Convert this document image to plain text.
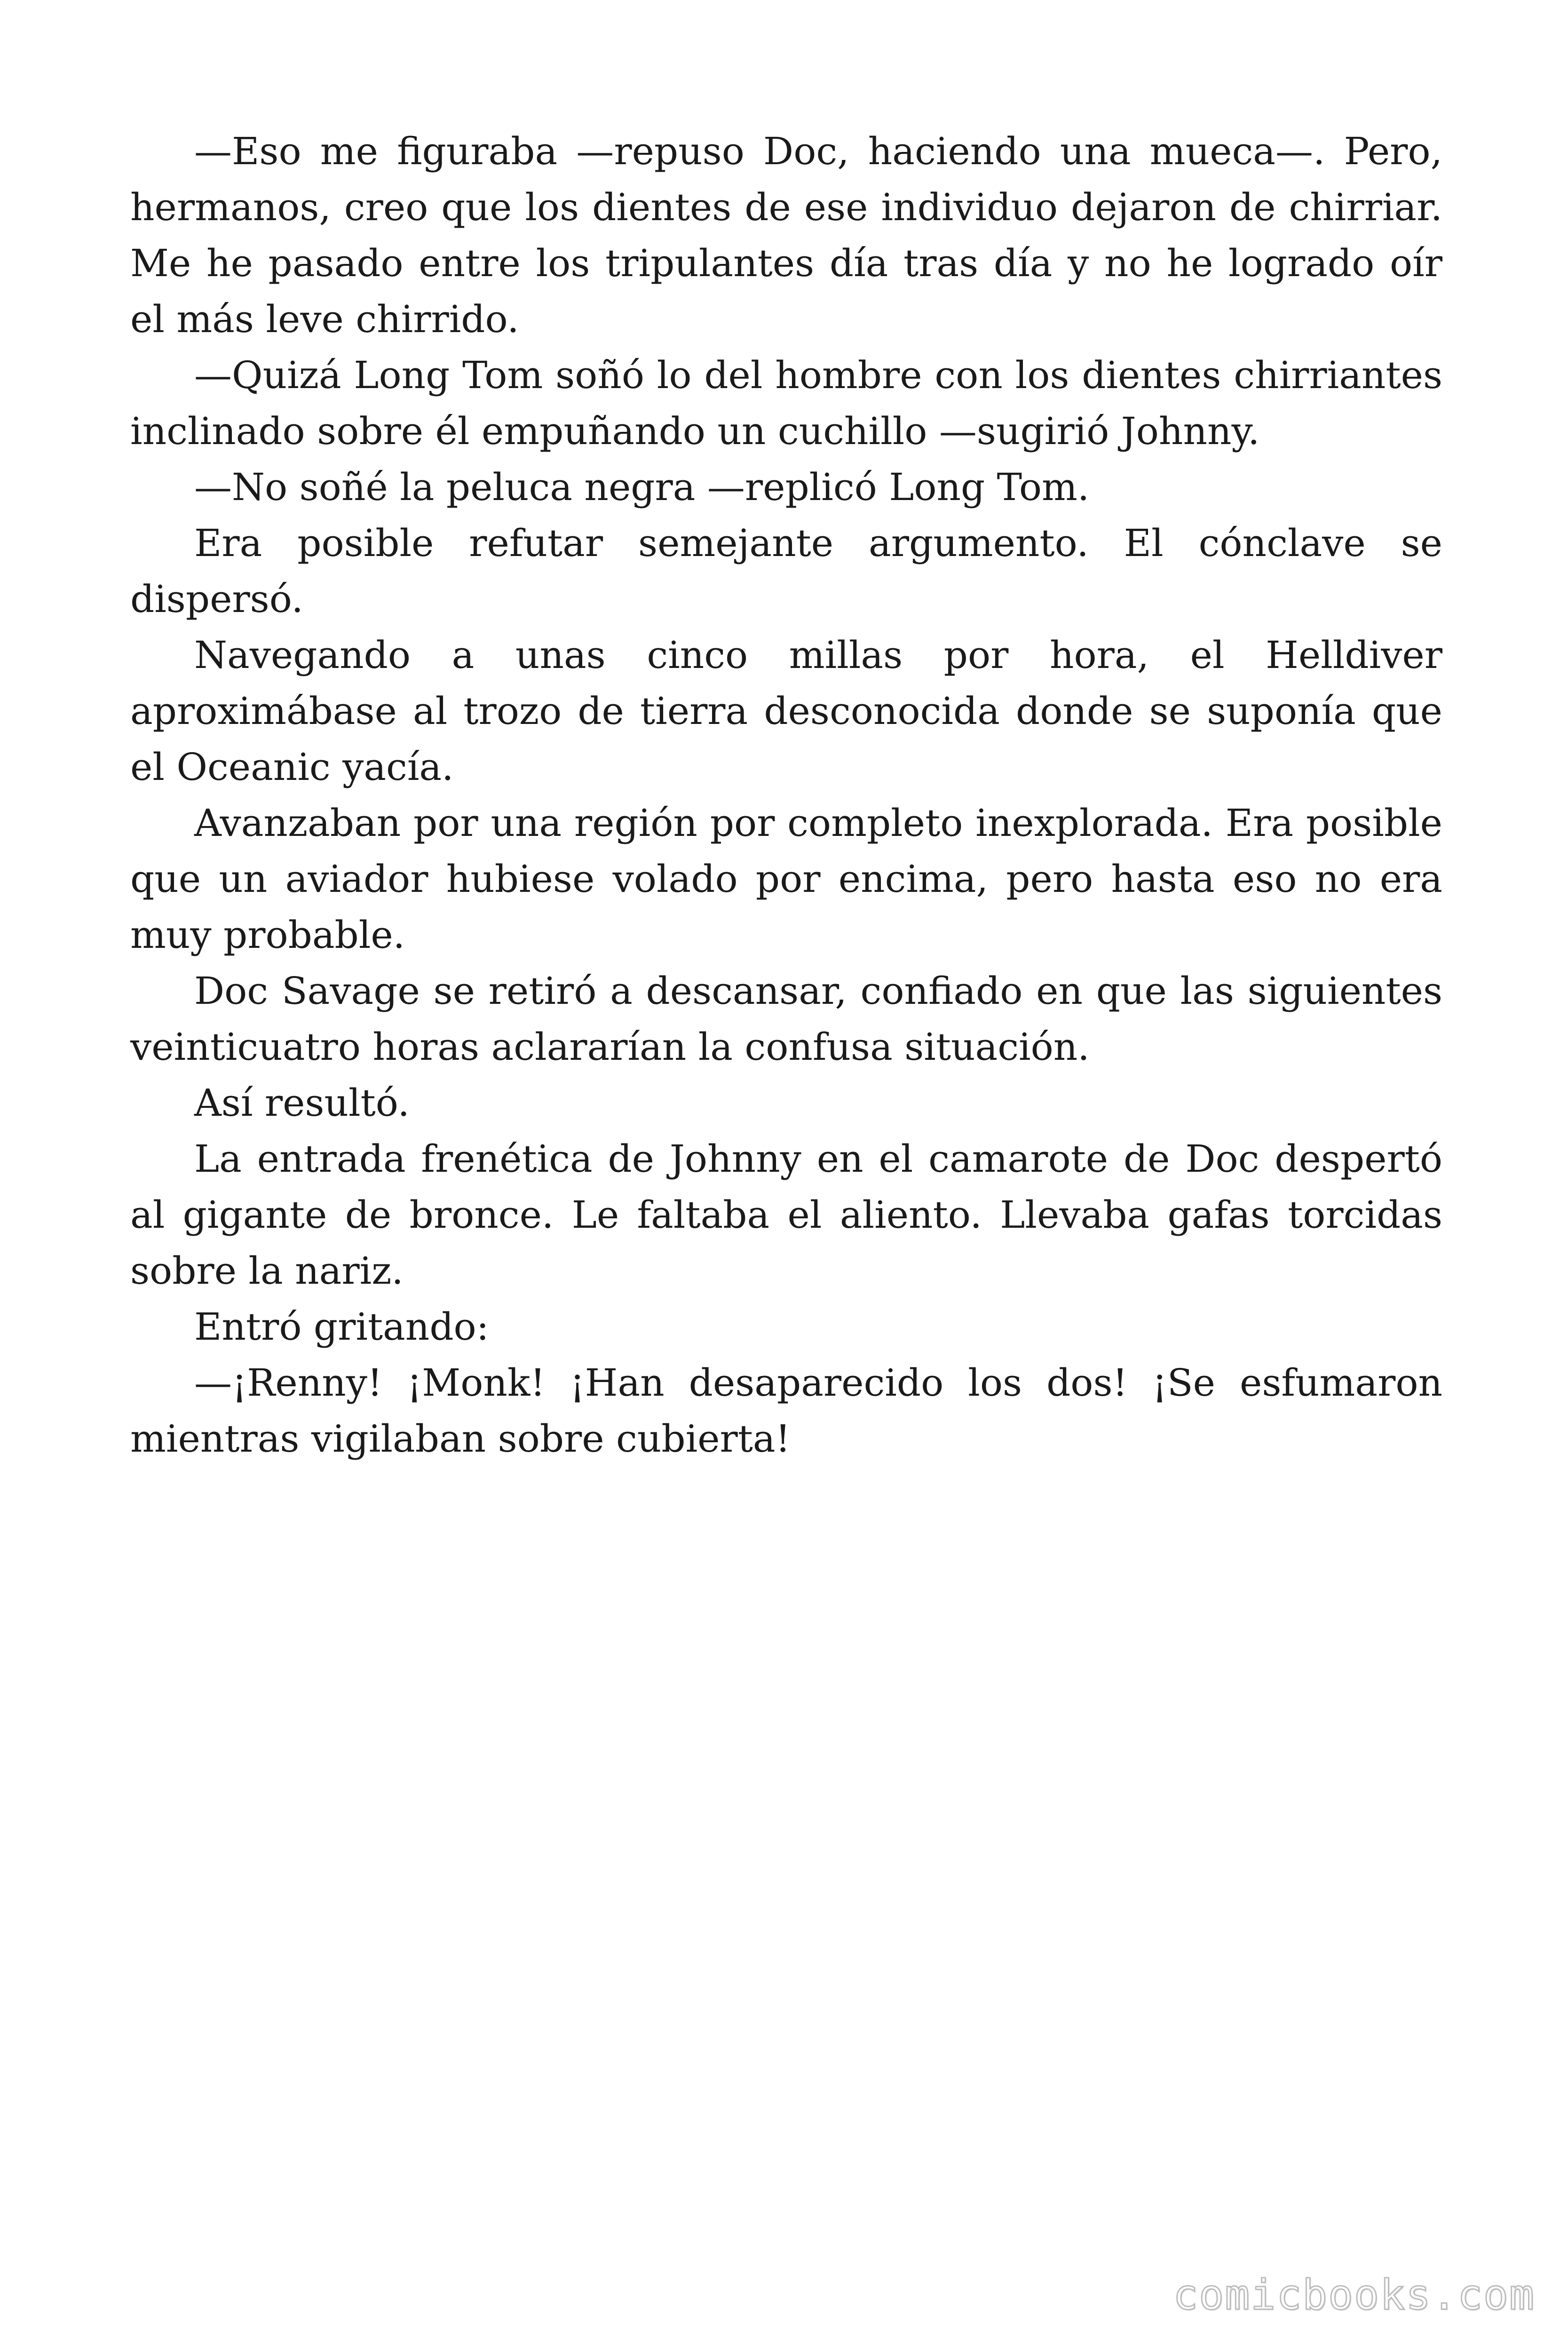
—Eso me figuraba —repuso Doc, haciendo una mueca—. Pero, hermanos, creo que los dientes de ese individuo dejaron de chirriar. Me he pasado entre los tripulantes día tras día y no he logrado oír el más leve chirrido.

—Quizá Long Tom soñó lo del hombre con los dientes chirriantes inclinado sobre él empuñando un cuchillo —sugirió Johnny.

—No soñé la peluca negra —replicó Long Tom.

Era posible refutar semejante argumento. El cónclave se dispersó.

Navegando a unas cinco millas por hora, el Helldiver aproximábase al trozo de tierra desconocida donde se suponía que el Oceanic yacía.

Avanzaban por una región por completo inexplorada. Era posible que un aviador hubiese volado por encima, pero hasta eso no era muy probable.

Doc Savage se retiró a descansar, confiado en que las siguientes veinticuatro horas aclararían la confusa situación.

Así resultó.

La entrada frenética de Johnny en el camarote de Doc despertó al gigante de bronce. Le faltaba el aliento. Llevaba gafas torcidas sobre la nariz.

Entró gritando:

—¡Renny! ¡Monk! ¡Han desaparecido los dos! ¡Se esfumaron mientras vigilaban sobre cubierta!

comicbooks.com
